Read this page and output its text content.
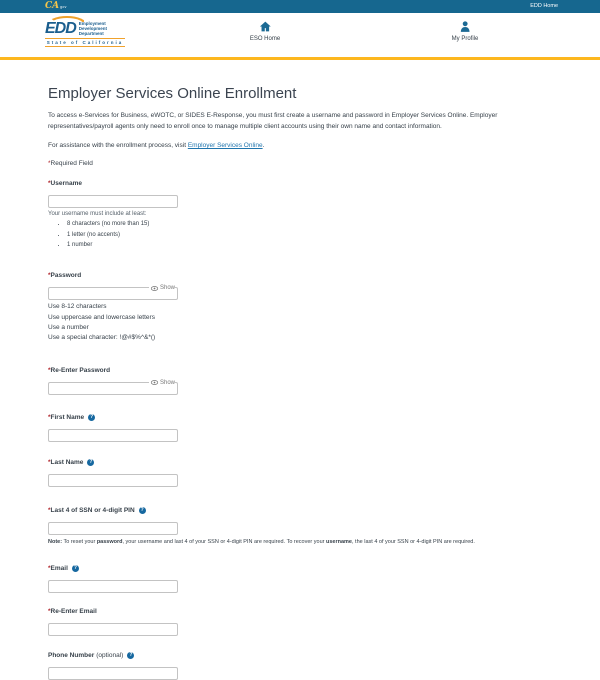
CA gov	EDD Home
EDD Employment
Development
Department
State of California
ESO Home	My Profile
Employer Services Online Enrollment

To access e-Services for Business, eWOTC, or SIDES E-Response, you must first create a username and password in Employer Services Online. Employer representatives/payroll agents only need to enroll once to manage multiple client accounts using their own name and contact information.

For assistance with the enrollment process, visit Employer Services Online.

*Required Field

* Username
Your username must include at least:
• 8 characters (no more than 15)
• 1 letter (no accents)
• 1 number
* Password
Show

Use 8-12 characters

Use uppercase and lowercase letters

Use a number

Use a special character: !@#$%^&*()

* Re-Enter Password
Show
* First Name	?
* Last Name	?
* Last 4 of SSN or 4-digit PIN	?

Note: To reset your password, your username and last 4 of your SSN or 4-digit PIN are required. To recover your username, the last 4 of your SSN or 4-digit PIN are required.

* Email	?
* Re-Enter Email
Phone Number (optional)	?
